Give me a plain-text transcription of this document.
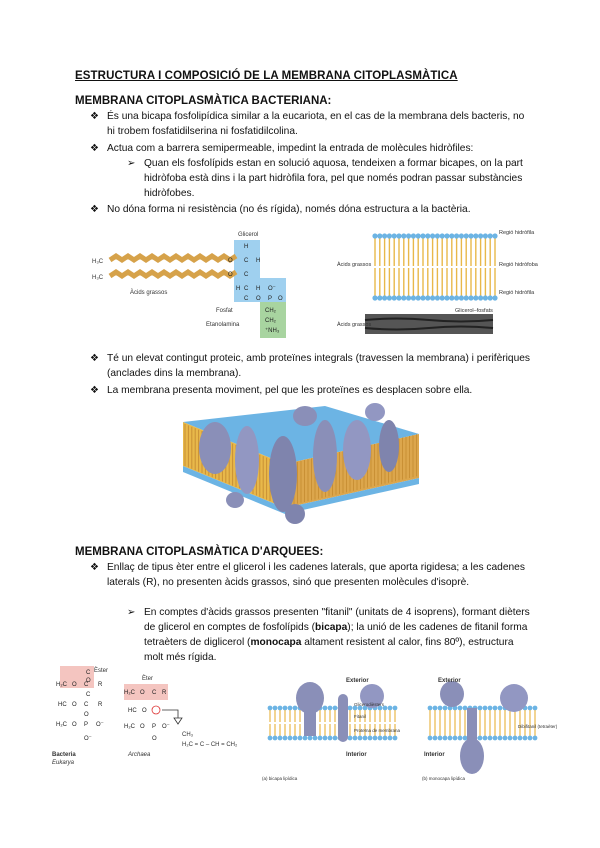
ESTRUCTURA I COMPOSICIÓ DE LA MEMBRANA CITOPLASMÀTICA
MEMBRANA CITOPLASMÀTICA BACTERIANA:
❖ És una bicapa fosfolipídica similar a la eucariota, en el cas de la membrana dels bacteris, no hi trobem fosfatidilserina ni fosfatidilcolina.
❖ Actua com a barrera semipermeable, impedint la entrada de molècules hidròfiles:
➢ Quan els fosfolípids estan en solució aquosa, tendeixen a formar bicapes, on la part hidròfoba està dins i la part hidròfila fora, pel que només podran passar substàncies hidròfobes.
❖ No dóna forma ni resistència (no és rígida), només dóna estructura a la bactèria.
H₃C
H₃C
Glicerol
Àcids grassos
Fosfat
Etanolamina
H
O C H
C
O
C
H	H
C O P O
CH₂
CH₂
⁺NH₃
O⁻
Regió hidròfila
Regió hidròfoba
Regió hidròfila
Àcids grassos
Glicerol–fosfats
Àcids grassos
❖ Té un elevat contingut proteic, amb proteïnes integrals (travessen la membrana) i perifèriques (anclades dins la membrana).
❖ La membrana presenta moviment, pel que les proteïnes es desplacen sobre ella.
MEMBRANA CITOPLASMÀTICA D'ARQUEES:
❖ Enllaç de tipus èter entre el glicerol i les cadenes laterals, que aporta rigidesa; a les cadenes laterals (R), no presenten àcids grassos, sinó que presenten molècules d'isoprè.
➢ En comptes d'àcids grassos presenten "fitanil" (unitats de 4 isoprens), formant dièters de glicerol en comptes de fosfolípids (bicapa); la unió de les cadenes de fitanil forma tetraèters de diglicerol (monocapa altament resistent al calor, fins 80º), estructura molt més rígida.
Èster
Èter
C
O
H₂C O C R
C
HC O C R
H₂C O P O⁻
O⁻
O
H₂C O C R
HC O
H₂C O P O⁻
O
CH₃
H₂C = C – CH = CH₂
Bacteria
Eukarya
Archaea
Exterior
Interior
Exterior
Interior
Glicerodièsters
Fitanil
Proteïna de membrana
Dibifitanil (tetraèter)
(a) bicapa lipídica	(b) monocapa lipídica
